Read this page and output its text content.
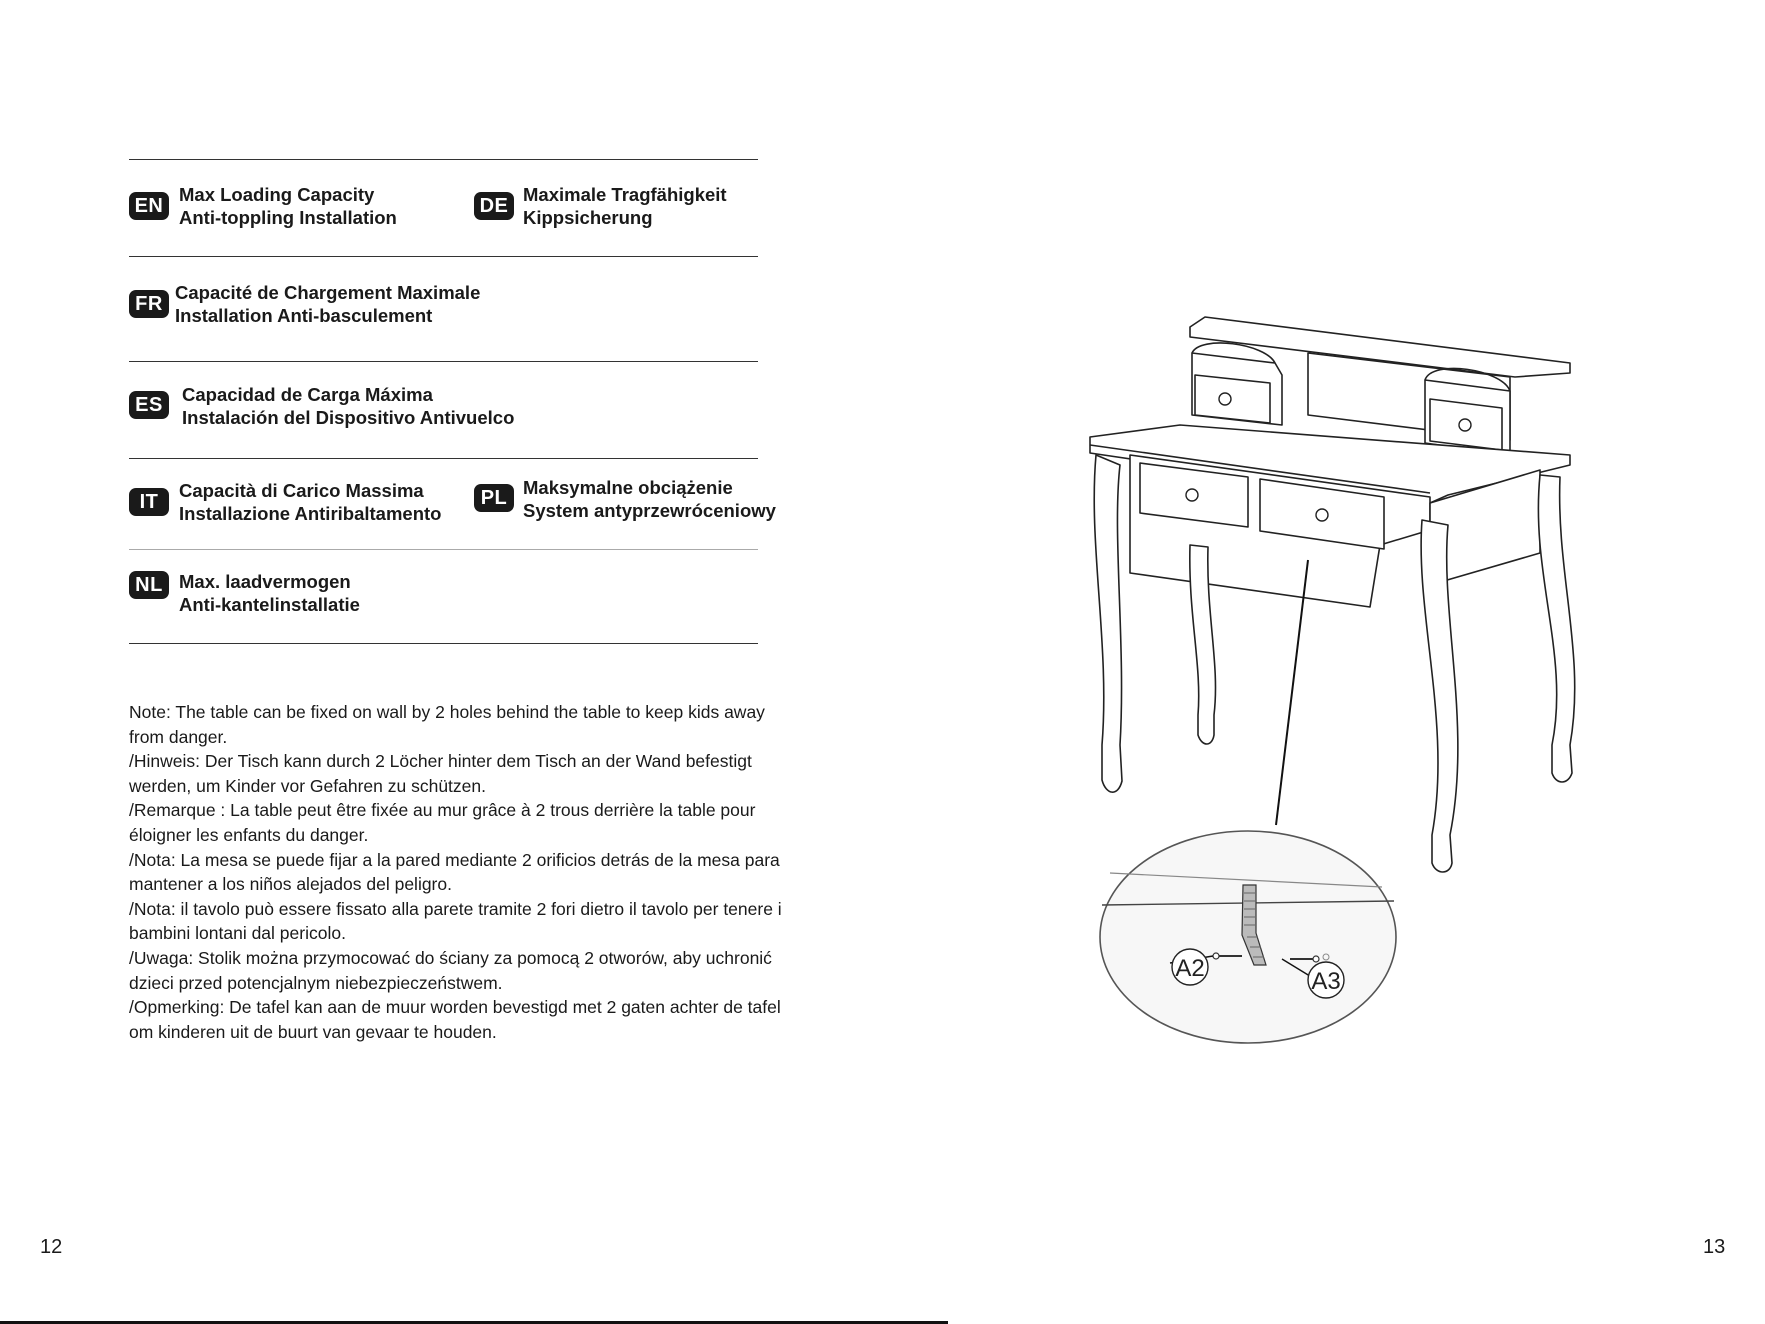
EN
Max Loading Capacity
Anti-toppling Installation
DE
Maximale Tragfähigkeit
Kippsicherung
FR
Capacité de Chargement Maximale
Installation Anti-basculement
ES	Capacidad de Carga Máxima
Instalación del Dispositivo Antivuelco
IT
Capacità di Carico Massima
Installazione Antiribaltamento
PL Maksymalne obciążenie
System antyprzewróceniowy
NL Max. laadvermogen
Anti-kantelinstallatie

Note: The table can be fixed on wall by 2 holes behind the table to keep kids away from danger.

/Hinweis: Der Tisch kann durch 2 Löcher hinter dem Tisch an der Wand befestigt werden, um Kinder vor Gefahren zu schützen.

/Remarque : La table peut être fixée au mur grâce à 2 trous derrière la table pour éloigner les enfants du danger.

/Nota: La mesa se puede fijar a la pared mediante 2 orificios detrás de la mesa para mantener a los niños alejados del peligro.

/Nota: il tavolo può essere fissato alla parete tramite 2 fori dietro il tavolo per tenere i bambini lontani dal pericolo.

/Uwaga: Stolik można przymocować do ściany za pomocą 2 otworów, aby uchronić dzieci przed potencjalnym niebezpieczeństwem.

/Opmerking: De tafel kan aan de muur worden bevestigd met 2 gaten achter de tafel om kinderen uit de buurt van gevaar te houden.

A2	A3
12	13
